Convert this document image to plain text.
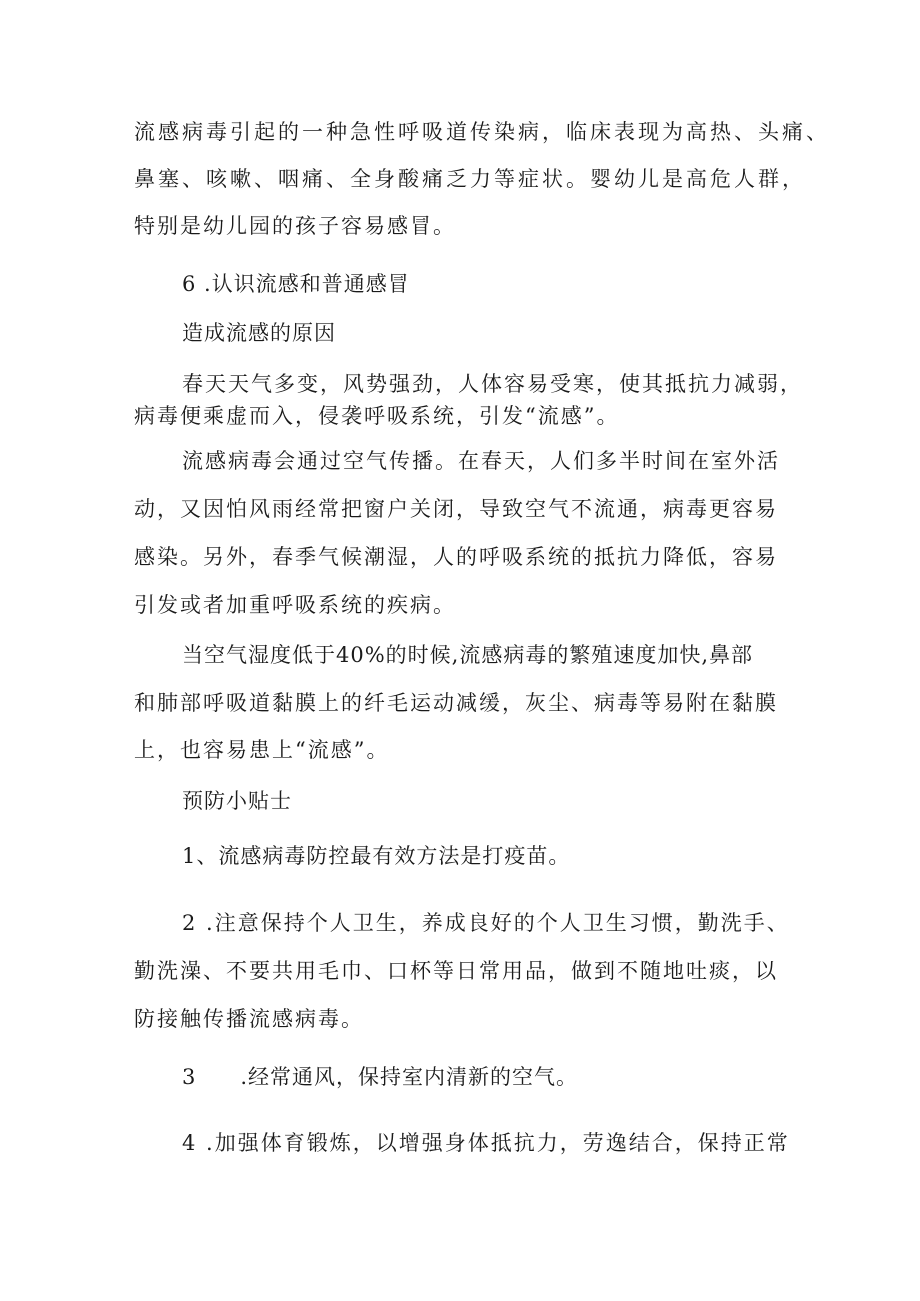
流感病毒引起的一种急性呼吸道传染病，临床表现为高热、头痛、

鼻塞、咳嗽、咽痛、全身酸痛乏力等症状。婴幼儿是高危人群，

特别是幼儿园的孩子容易感冒。

6 .认识流感和普通感冒

造成流感的原因

春天天气多变，风势强劲，人体容易受寒，使其抵抗力减弱，

病毒便乘虚而入，侵袭呼吸系统，引发“流感”。

流感病毒会通过空气传播。在春天，人们多半时间在室外活

动，又因怕风雨经常把窗户关闭，导致空气不流通，病毒更容易

感染。另外，春季气候潮湿，人的呼吸系统的抵抗力降低，容易

引发或者加重呼吸系统的疾病。

当空气湿度低于40%的时候,流感病毒的繁殖速度加快,鼻部

和肺部呼吸道黏膜上的纤毛运动减缓，灰尘、病毒等易附在黏膜

上，也容易患上“流感”。

预防小贴士

1、流感病毒防控最有效方法是打疫苗。

2 .注意保持个人卫生，养成良好的个人卫生习惯，勤洗手、

勤洗澡、不要共用毛巾、口杯等日常用品，做到不随地吐痰，以

防接触传播流感病毒。

3　　.经常通风，保持室内清新的空气。

4 .加强体育锻炼，以增强身体抵抗力，劳逸结合，保持正常
